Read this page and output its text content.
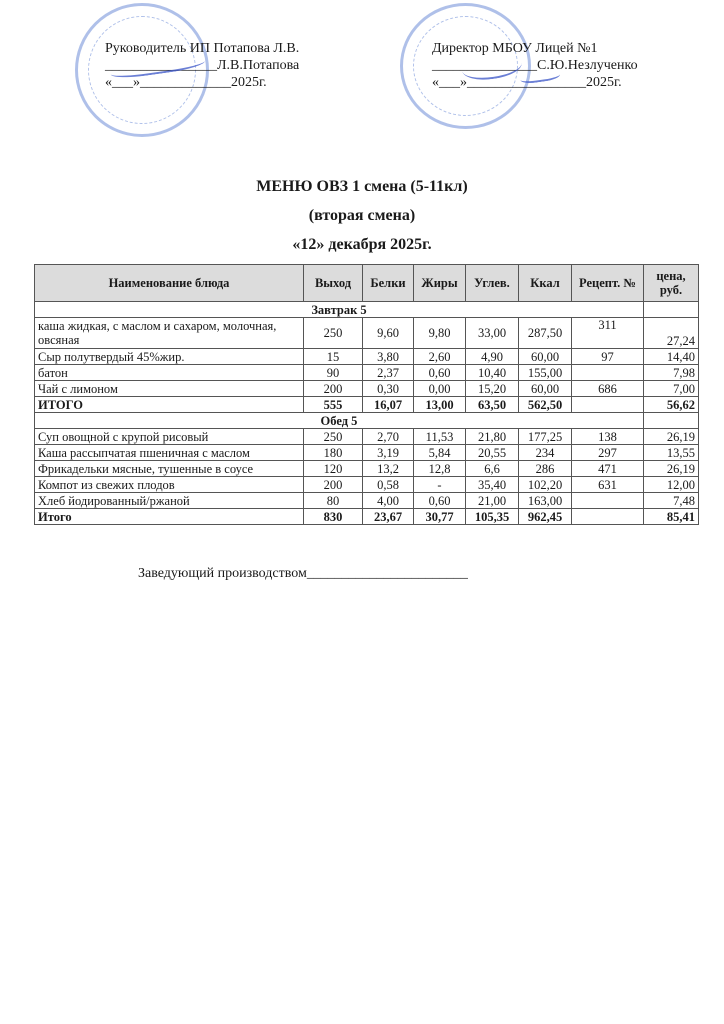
Руководитель ИП Потапова Л.В.
________________Л.В.Потапова
«___»_____________2025г.
Директор МБОУ Лицей №1
_______________С.Ю.Незлученко
«___»_________________2025г.
МЕНЮ ОВЗ 1 смена (5-11кл)
(вторая смена)
«12» декабря 2025г.
Наименование блюда	Выход	Белки	Жиры	Углев.	Ккал	Рецепт. №	цена, руб.
Завтрак 5							
каша жидкая, с маслом и сахаром, молочная, овсяная	250	9,60	9,80	33,00	287,50	311	27,24
Сыр полутвердый 45%жир.	15	3,80	2,60	4,90	60,00	97	14,40
батон	90	2,37	0,60	10,40	155,00		7,98
Чай с лимоном	200	0,30	0,00	15,20	60,00	686	7,00
ИТОГО	555	16,07	13,00	63,50	562,50		56,62
Обед 5							
Суп овощной с крупой рисовый	250	2,70	11,53	21,80	177,25	138	26,19
Каша рассыпчатая пшеничная с маслом	180	3,19	5,84	20,55	234	297	13,55
Фрикадельки мясные, тушенные в соусе	120	13,2	12,8	6,6	286	471	26,19
Компот из свежих плодов	200	0,58	-	35,40	102,20	631	12,00
Хлеб йодированный/ржаной	80	4,00	0,60	21,00	163,00		7,48
Итого	830	23,67	30,77	105,35	962,45		85,41
Заведующий производством_______________________
